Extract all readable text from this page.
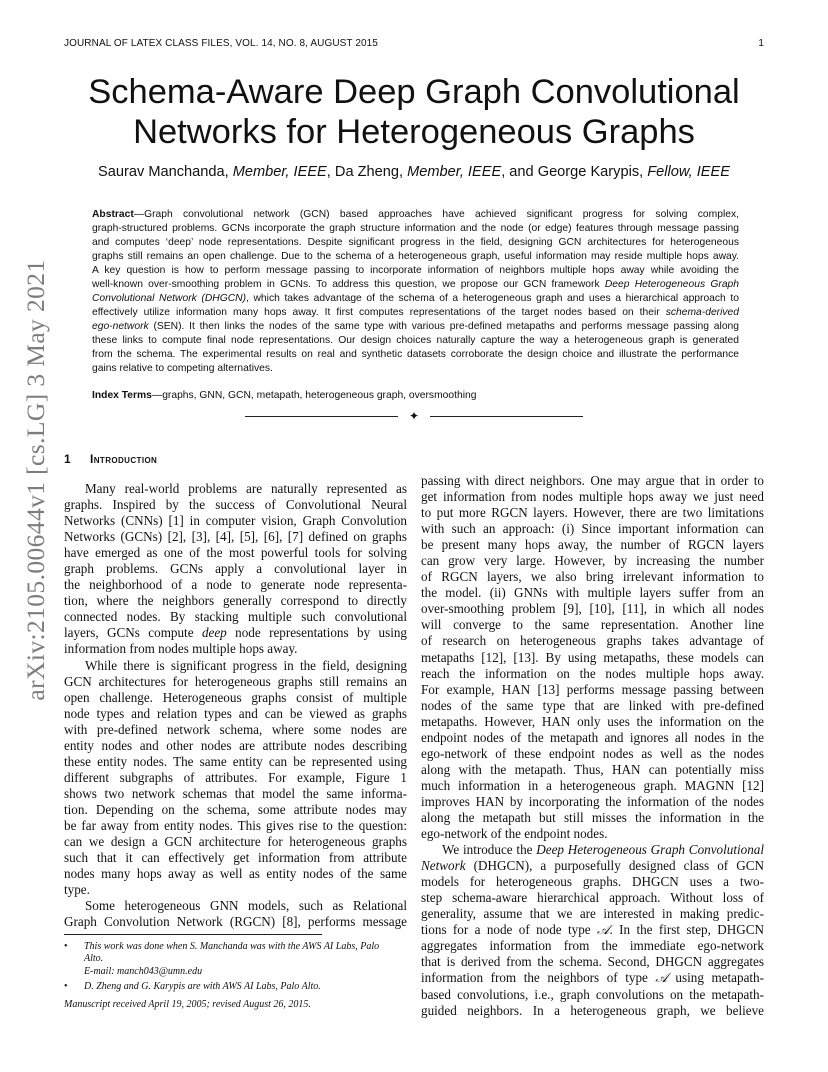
JOURNAL OF LATEX CLASS FILES, VOL. 14, NO. 8, AUGUST 2015	1
arXiv:2105.00644v1 [cs.LG] 3 May 2021
Schema-Aware Deep Graph Convolutional
Networks for Heterogeneous Graphs
Saurav Manchanda, Member, IEEE, Da Zheng, Member, IEEE, and George Karypis, Fellow, IEEE
Abstract—Graph convolutional network (GCN) based approaches have achieved significant progress for solving complex,
graph-structured problems. GCNs incorporate the graph structure information and the node (or edge) features through message passing
and computes ‘deep’ node representations. Despite significant progress in the field, designing GCN architectures for heterogeneous
graphs still remains an open challenge. Due to the schema of a heterogeneous graph, useful information may reside multiple hops away.
A key question is how to perform message passing to incorporate information of neighbors multiple hops away while avoiding the
well-known over-smoothing problem in GCNs. To address this question, we propose our GCN framework Deep Heterogeneous Graph
Convolutional Network (DHGCN), which takes advantage of the schema of a heterogeneous graph and uses a hierarchical approach to
effectively utilize information many hops away. It first computes representations of the target nodes based on their schema-derived
ego-network (SEN). It then links the nodes of the same type with various pre-defined metapaths and performs message passing along
these links to compute final node representations. Our design choices naturally capture the way a heterogeneous graph is generated
from the schema. The experimental results on real and synthetic datasets corroborate the design choice and illustrate the performance
gains relative to competing alternatives.
Index Terms—graphs, GNN, GCN, metapath, heterogeneous graph, oversmoothing
✦
1 Introduction

Many real-world problems are naturally represented as
graphs. Inspired by the success of Convolutional Neural
Networks (CNNs) [1] in computer vision, Graph Convolution
Networks (GCNs) [2], [3], [4], [5], [6], [7] defined on graphs
have emerged as one of the most powerful tools for solving
graph problems. GCNs apply a convolutional layer in
the neighborhood of a node to generate node representa-
tion, where the neighbors generally correspond to directly
connected nodes. By stacking multiple such convolutional
layers, GCNs compute deep node representations by using
information from nodes multiple hops away.

While there is significant progress in the field, designing
GCN architectures for heterogeneous graphs still remains an
open challenge. Heterogeneous graphs consist of multiple
node types and relation types and can be viewed as graphs
with pre-defined network schema, where some nodes are
entity nodes and other nodes are attribute nodes describing
these entity nodes. The same entity can be represented using
different subgraphs of attributes. For example, Figure 1
shows two network schemas that model the same informa-
tion. Depending on the schema, some attribute nodes may
be far away from entity nodes. This gives rise to the question:
can we design a GCN architecture for heterogeneous graphs
such that it can effectively get information from attribute
nodes many hops away as well as entity nodes of the same
type.

Some heterogeneous GNN models, such as Relational
Graph Convolution Network (RGCN) [8], performs message

• This work was done when S. Manchanda was with the AWS AI Labs, Palo
Alto.
E-mail: manch043@umn.edu
• D. Zheng and G. Karypis are with AWS AI Labs, Palo Alto.
Manuscript received April 19, 2005; revised August 26, 2015.

passing with direct neighbors. One may argue that in order to
get information from nodes multiple hops away we just need
to put more RGCN layers. However, there are two limitations
with such an approach: (i) Since important information can
be present many hops away, the number of RGCN layers
can grow very large. However, by increasing the number
of RGCN layers, we also bring irrelevant information to
the model. (ii) GNNs with multiple layers suffer from an
over-smoothing problem [9], [10], [11], in which all nodes
will converge to the same representation. Another line
of research on heterogeneous graphs takes advantage of
metapaths [12], [13]. By using metapaths, these models can
reach the information on the nodes multiple hops away.
For example, HAN [13] performs message passing between
nodes of the same type that are linked with pre-defined
metapaths. However, HAN only uses the information on the
endpoint nodes of the metapath and ignores all nodes in the
ego-network of these endpoint nodes as well as the nodes
along with the metapath. Thus, HAN can potentially miss
much information in a heterogeneous graph. MAGNN [12]
improves HAN by incorporating the information of the nodes
along the metapath but still misses the information in the
ego-network of the endpoint nodes.

We introduce the Deep Heterogeneous Graph Convolutional
Network (DHGCN), a purposefully designed class of GCN
models for heterogeneous graphs. DHGCN uses a two-
step schema-aware hierarchical approach. Without loss of
generality, assume that we are interested in making predic-
tions for a node of node type 𝒜. In the first step, DHGCN
aggregates information from the immediate ego-network
that is derived from the schema. Second, DHGCN aggregates
information from the neighbors of type 𝒜 using metapath-
based convolutions, i.e., graph convolutions on the metapath-
guided neighbors. In a heterogeneous graph, we believe
